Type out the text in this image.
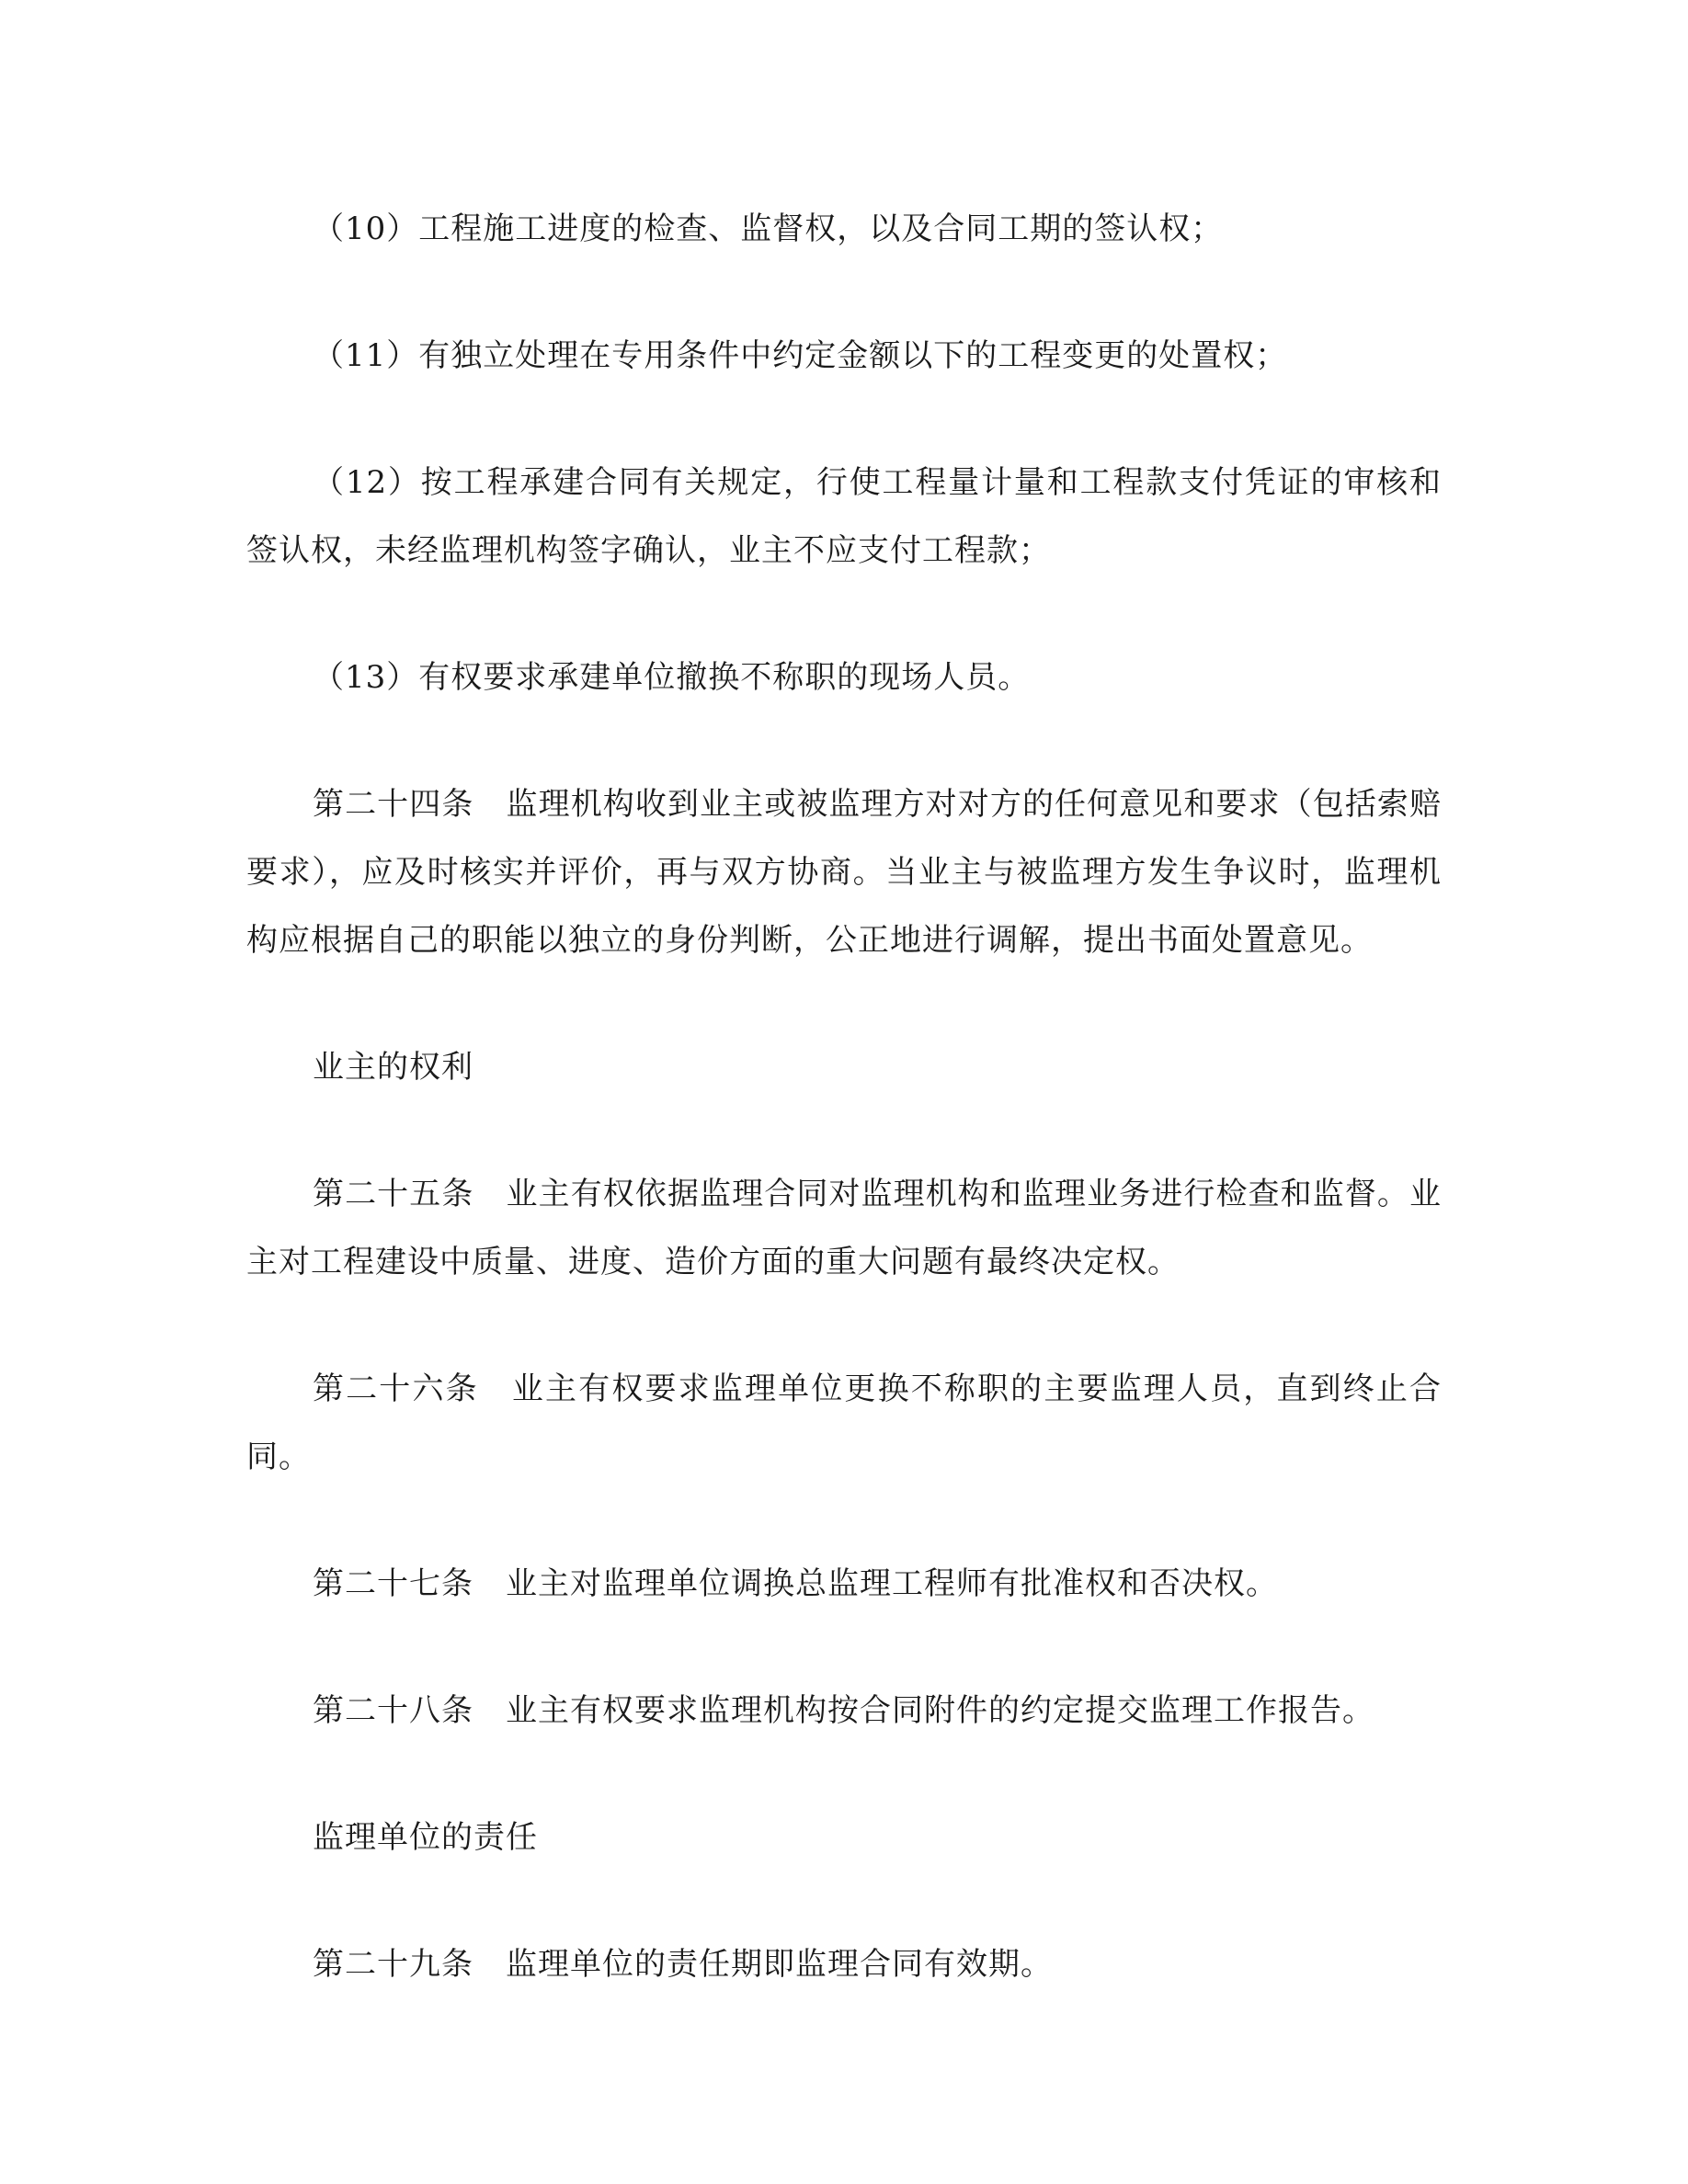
（10）工程施工进度的检查、监督权，以及合同工期的签认权；

（11）有独立处理在专用条件中约定金额以下的工程变更的处置权；

（12）按工程承建合同有关规定，行使工程量计量和工程款支付凭证的审核和签认权，未经监理机构签字确认，业主不应支付工程款；

（13）有权要求承建单位撤换不称职的现场人员。

第二十四条　监理机构收到业主或被监理方对对方的任何意见和要求（包括索赔要求），应及时核实并评价，再与双方协商。当业主与被监理方发生争议时，监理机构应根据自己的职能以独立的身份判断，公正地进行调解，提出书面处置意见。

业主的权利

第二十五条　业主有权依据监理合同对监理机构和监理业务进行检查和监督。业主对工程建设中质量、进度、造价方面的重大问题有最终决定权。

第二十六条　业主有权要求监理单位更换不称职的主要监理人员，直到终止合同。

第二十七条　业主对监理单位调换总监理工程师有批准权和否决权。

第二十八条　业主有权要求监理机构按合同附件的约定提交监理工作报告。

监理单位的责任

第二十九条　监理单位的责任期即监理合同有效期。
